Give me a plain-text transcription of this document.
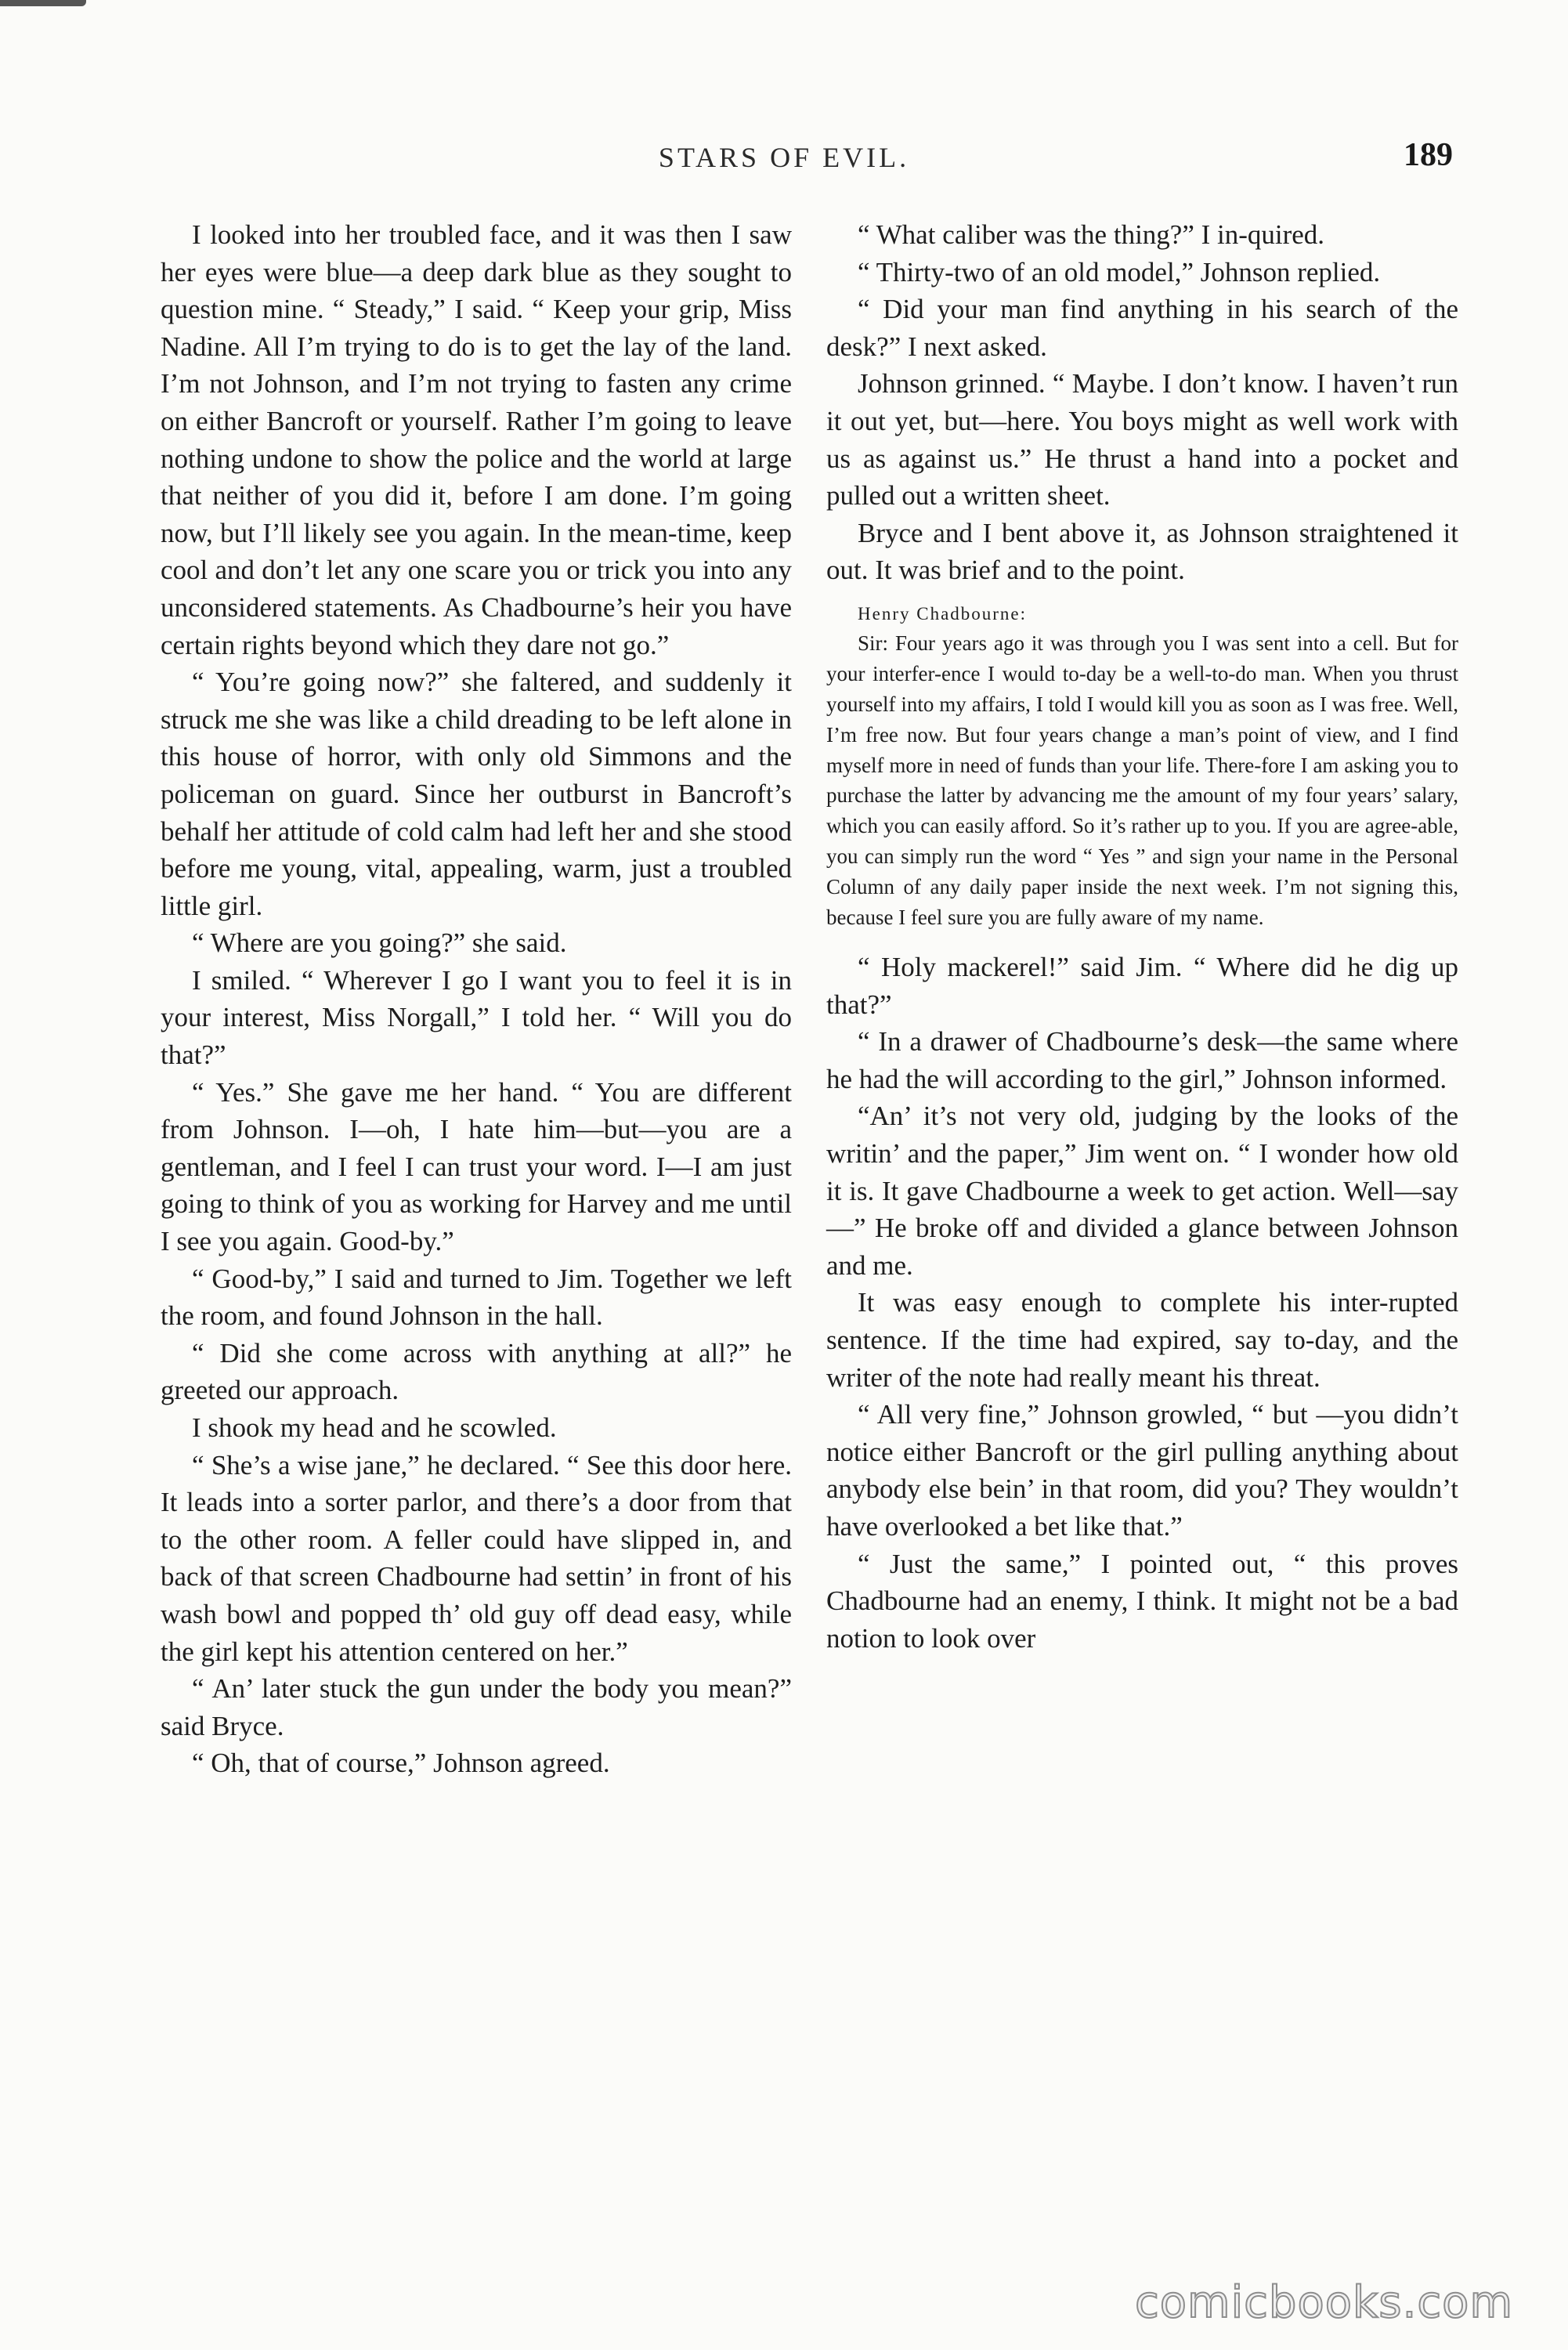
STARS OF EVIL.	189

I looked into her troubled face, and it was then I saw her eyes were blue—a deep dark blue as they sought to question mine. “ Steady,” I said. “ Keep your grip, Miss Nadine. All I’m trying to do is to get the lay of the land. I’m not Johnson, and I’m not trying to fasten any crime on either Bancroft or yourself. Rather I’m going to leave nothing undone to show the police and the world at large that neither of you did it, before I am done. I’m going now, but I’ll likely see you again. In the mean-time, keep cool and don’t let any one scare you or trick you into any unconsidered statements. As Chadbourne’s heir you have certain rights beyond which they dare not go.”

“ You’re going now?” she faltered, and suddenly it struck me she was like a child dreading to be left alone in this house of horror, with only old Simmons and the policeman on guard. Since her outburst in Bancroft’s behalf her attitude of cold calm had left her and she stood before me young, vital, appealing, warm, just a troubled little girl.

“ Where are you going?” she said.

I smiled. “ Wherever I go I want you to feel it is in your interest, Miss Norgall,” I told her. “ Will you do that?”

“ Yes.” She gave me her hand. “ You are different from Johnson. I—oh, I hate him—but—you are a gentleman, and I feel I can trust your word. I—I am just going to think of you as working for Harvey and me until I see you again. Good-by.”

“ Good-by,” I said and turned to Jim. Together we left the room, and found Johnson in the hall.

“ Did she come across with anything at all?” he greeted our approach.

I shook my head and he scowled.

“ She’s a wise jane,” he declared. “ See this door here. It leads into a sorter parlor, and there’s a door from that to the other room. A feller could have slipped in, and back of that screen Chadbourne had settin’ in front of his wash bowl and popped th’ old guy off dead easy, while the girl kept his attention centered on her.”

“ An’ later stuck the gun under the body you mean?” said Bryce.

“ Oh, that of course,” Johnson agreed.

“ What caliber was the thing?” I in-quired.

“ Thirty-two of an old model,” Johnson replied.

“ Did your man find anything in his search of the desk?” I next asked.

Johnson grinned. “ Maybe. I don’t know. I haven’t run it out yet, but—here. You boys might as well work with us as against us.” He thrust a hand into a pocket and pulled out a written sheet.

Bryce and I bent above it, as Johnson straightened it out. It was brief and to the point.

Henry Chadbourne:

Sir: Four years ago it was through you I was sent into a cell. But for your interfer-ence I would to-day be a well-to-do man. When you thrust yourself into my affairs, I told I would kill you as soon as I was free. Well, I’m free now. But four years change a man’s point of view, and I find myself more in need of funds than your life. There-fore I am asking you to purchase the latter by advancing me the amount of my four years’ salary, which you can easily afford. So it’s rather up to you. If you are agree-able, you can simply run the word “ Yes ” and sign your name in the Personal Column of any daily paper inside the next week. I’m not signing this, because I feel sure you are fully aware of my name.

“ Holy mackerel!” said Jim. “ Where did he dig up that?”

“ In a drawer of Chadbourne’s desk—the same where he had the will according to the girl,” Johnson informed.

“An’ it’s not very old, judging by the looks of the writin’ and the paper,” Jim went on. “ I wonder how old it is. It gave Chadbourne a week to get action. Well—say—” He broke off and divided a glance between Johnson and me.

It was easy enough to complete his inter-rupted sentence. If the time had expired, say to-day, and the writer of the note had really meant his threat.

“ All very fine,” Johnson growled, “ but —you didn’t notice either Bancroft or the girl pulling anything about anybody else bein’ in that room, did you? They wouldn’t have overlooked a bet like that.”

“ Just the same,” I pointed out, “ this proves Chadbourne had an enemy, I think. It might not be a bad notion to look over

comicbooks.com
